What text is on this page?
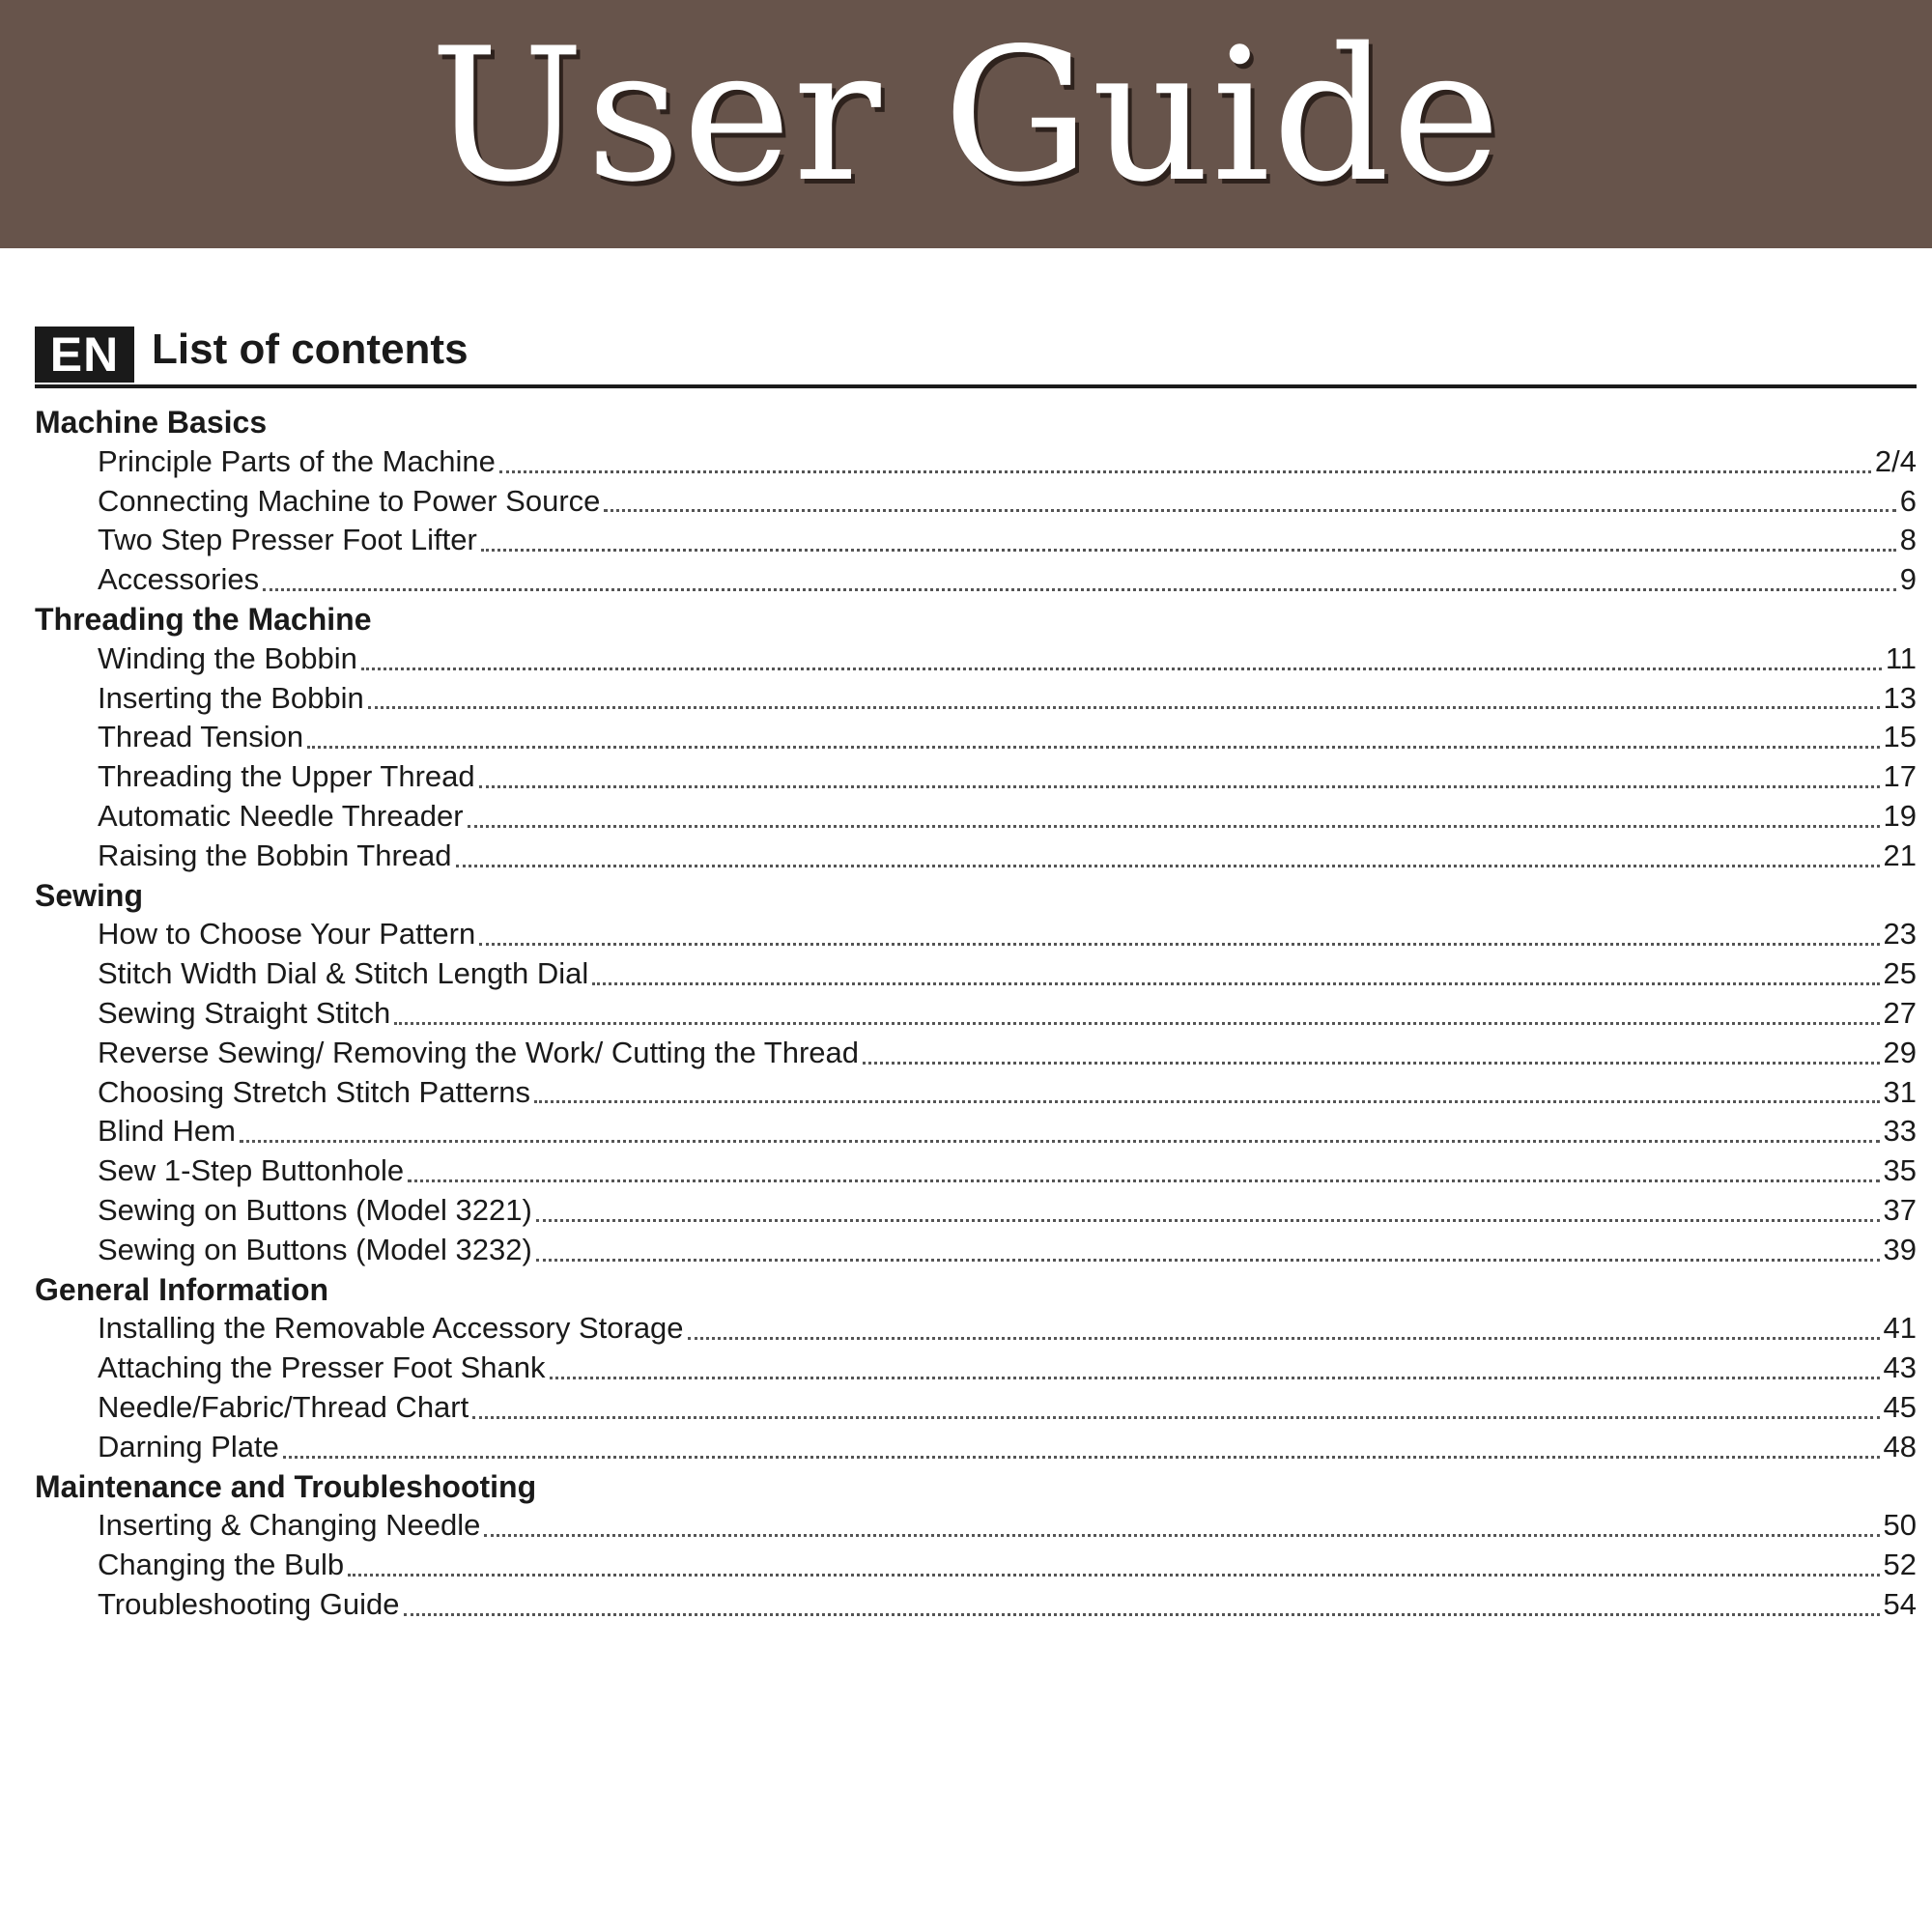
User Guide
EN List of contents
Machine Basics
Principle Parts of the Machine	2/4
Connecting Machine to Power Source	6
Two Step Presser Foot Lifter	8
Accessories	9
Threading the Machine
Winding the Bobbin	11
Inserting the Bobbin	13
Thread Tension	15
Threading the Upper Thread	17
Automatic Needle Threader	19
Raising the Bobbin Thread	21
Sewing
How to Choose Your Pattern	23
Stitch Width Dial & Stitch Length Dial	25
Sewing Straight Stitch	27
Reverse Sewing/ Removing the Work/ Cutting the Thread	29
Choosing Stretch Stitch Patterns	31
Blind Hem	33
Sew 1-Step Buttonhole	35
Sewing on Buttons (Model 3221)	37
Sewing on Buttons (Model 3232)	39
General Information
Installing the Removable Accessory Storage	41
Attaching the Presser Foot Shank	43
Needle/Fabric/Thread Chart	45
Darning Plate	48
Maintenance and Troubleshooting
Inserting & Changing Needle	50
Changing the Bulb	52
Troubleshooting Guide	54
